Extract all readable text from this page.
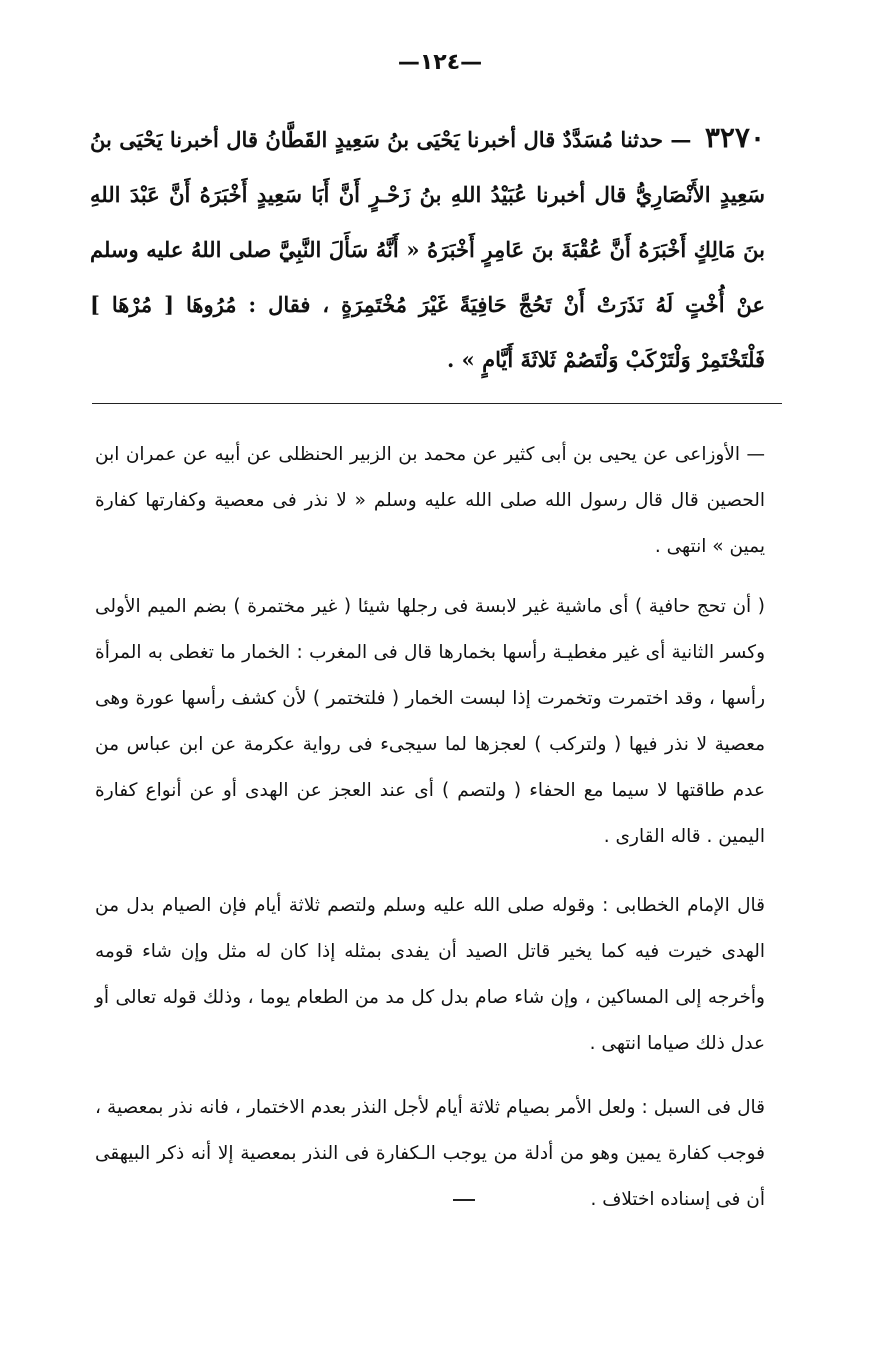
—١٢٤—
٣٢٧٠ — حدثنا مُسَدَّدٌ قال أخبرنا يَحْيَى بنُ سَعِيدٍ القَطَّانُ قال أخبرنا يَحْيَى بنُ سَعِيدٍ الأَنْصَارِيُّ قال أخبرنا عُبَيْدُ اللهِ بنُ زَحْـرٍ أَنَّ أَبَا سَعِيدٍ أَخْبَرَهُ أَنَّ عَبْدَ اللهِ بنَ مَالِكٍ أَخْبَرَهُ أَنَّ عُقْبَةَ بنَ عَامِرٍ أَخْبَرَهُ « أَنَّهُ سَأَلَ النَّبِيَّ صلى اللهُ عليه وسلم عنْ أُخْتٍ لَهُ نَذَرَتْ أَنْ تَحُجَّ حَافِيَةً غَيْرَ مُخْتَمِرَةٍ ، فقال : مُرُوهَا [ مُرْهَا ] فَلْتَخْتَمِرْ وَلْتَرْكَبْ وَلْتَصُمْ ثَلاثَةَ أَيَّامٍ » .
— الأوزاعى عن يحيى بن أبى كثير عن محمد بن الزبير الحنظلى عن أبيه عن عمران ابن الحصين قال قال رسول الله صلى الله عليه وسلم « لا نذر فى معصية وكفارتها كفارة يمين » انتهى .
( أن تحج حافية ) أى ماشية غير لابسة فى رجلها شيئا ( غير مختمرة ) بضم الميم الأولى وكسر الثانية أى غير مغطيـة رأسها بخمارها قال فى المغرب : الخمار ما تغطى به المرأة رأسها ، وقد اختمرت وتخمرت إذا لبست الخمار ( فلتختمر ) لأن كشف رأسها عورة وهى معصية لا نذر فيها ( ولتركب ) لعجزها لما سيجىء فى رواية عكرمة عن ابن عباس من عدم طاقتها لا سيما مع الحفاء ( ولتصم ) أى عند العجز عن الهدى أو عن أنواع كفارة اليمين . قاله القارى .
قال الإمام الخطابى : وقوله صلى الله عليه وسلم ولتصم ثلاثة أيام فإن الصيام بدل من الهدى خيرت فيه كما يخير قاتل الصيد أن يفدى بمثله إذا كان له مثل وإن شاء قومه وأخرجه إلى المساكين ، وإن شاء صام بدل كل مد من الطعام يوما ، وذلك قوله تعالى أو عدل ذلك صياما انتهى .
قال فى السبل : ولعل الأمر بصيام ثلاثة أيام لأجل النذر بعدم الاختمار ، فانه نذر بمعصية ، فوجب كفارة يمين وهو من أدلة من يوجب الـكفارة فى النذر بمعصية إلا أنه ذكر البيهقى أن فى إسناده اختلاف .
